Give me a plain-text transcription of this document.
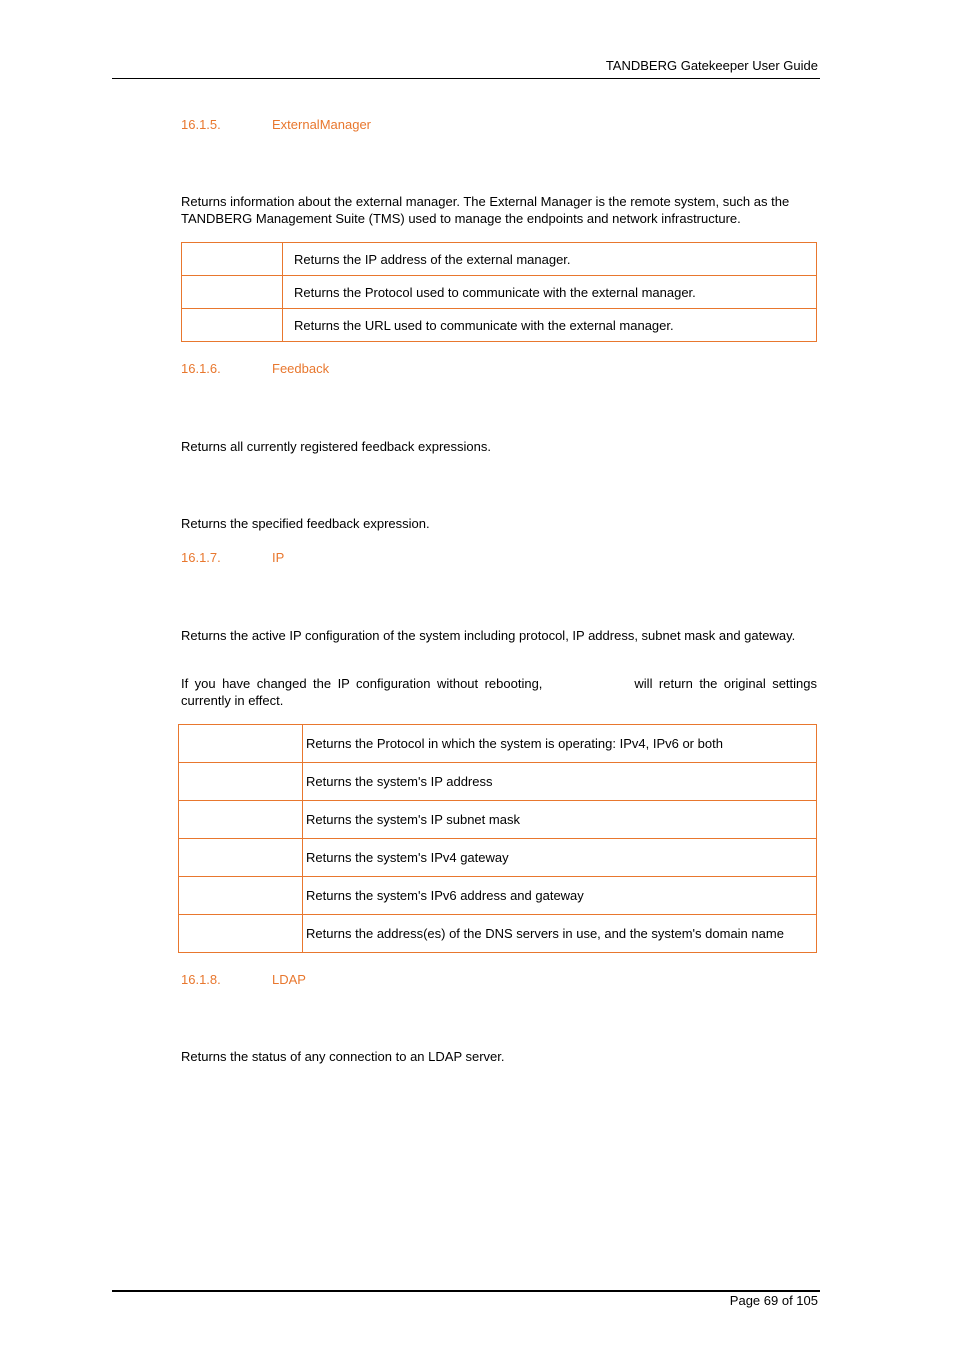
TANDBERG Gatekeeper User Guide
16.1.5.	ExternalManager
Returns information about the external manager. The External Manager is the remote system, such as the TANDBERG Management Suite (TMS) used to manage the endpoints and network infrastructure.
	Returns the IP address of the external manager.
	Returns the Protocol used to communicate with the external manager.
	Returns the URL used to communicate with the external manager.
16.1.6.	Feedback
Returns all currently registered feedback expressions.
Returns the specified feedback expression.
16.1.7.	IP
Returns the active IP configuration of the system including protocol, IP address, subnet mask and gateway.
If you have changed the IP configuration without rebooting,	will return the original settings currently in effect.
	Returns the Protocol in which the system is operating: IPv4, IPv6 or both
	Returns the system's IP address
	Returns the system's IP subnet mask
	Returns the system's IPv4 gateway
	Returns the system's IPv6 address and gateway
	Returns the address(es) of the DNS servers in use, and the system's domain name
16.1.8.	LDAP
Returns the status of any connection to an LDAP server.
Page 69 of 105
